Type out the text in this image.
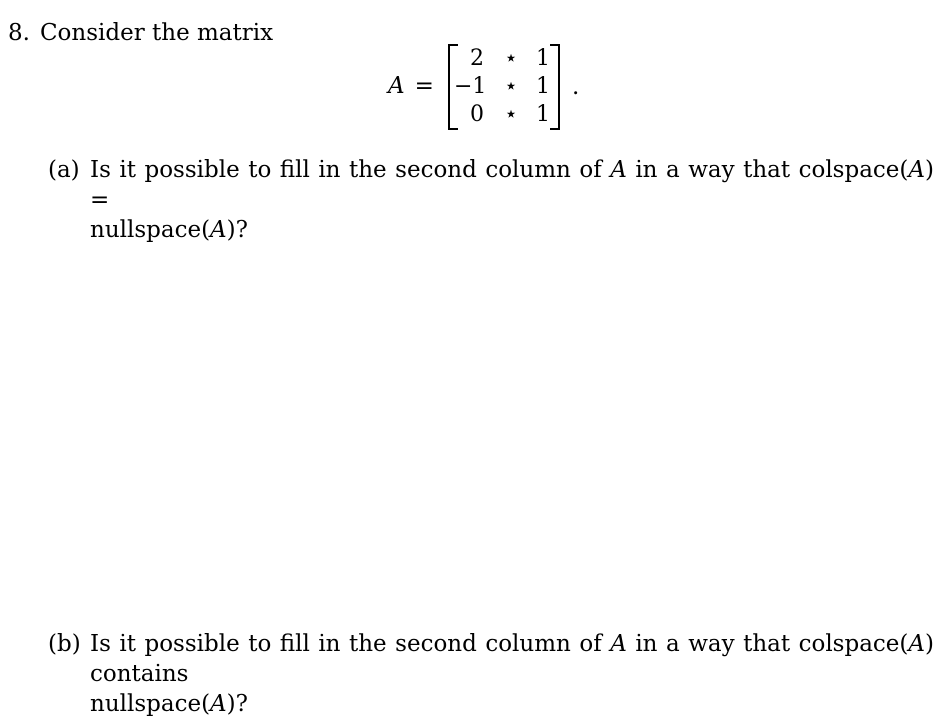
8. Consider the matrix
A =
2 ⋆ 1
−1 ⋆ 1
0 ⋆ 1
.
(a) Is it possible to fill in the second column of A in a way that colspace(A) =
nullspace(A)?
(b) Is it possible to fill in the second column of A in a way that colspace(A) contains
nullspace(A)?
